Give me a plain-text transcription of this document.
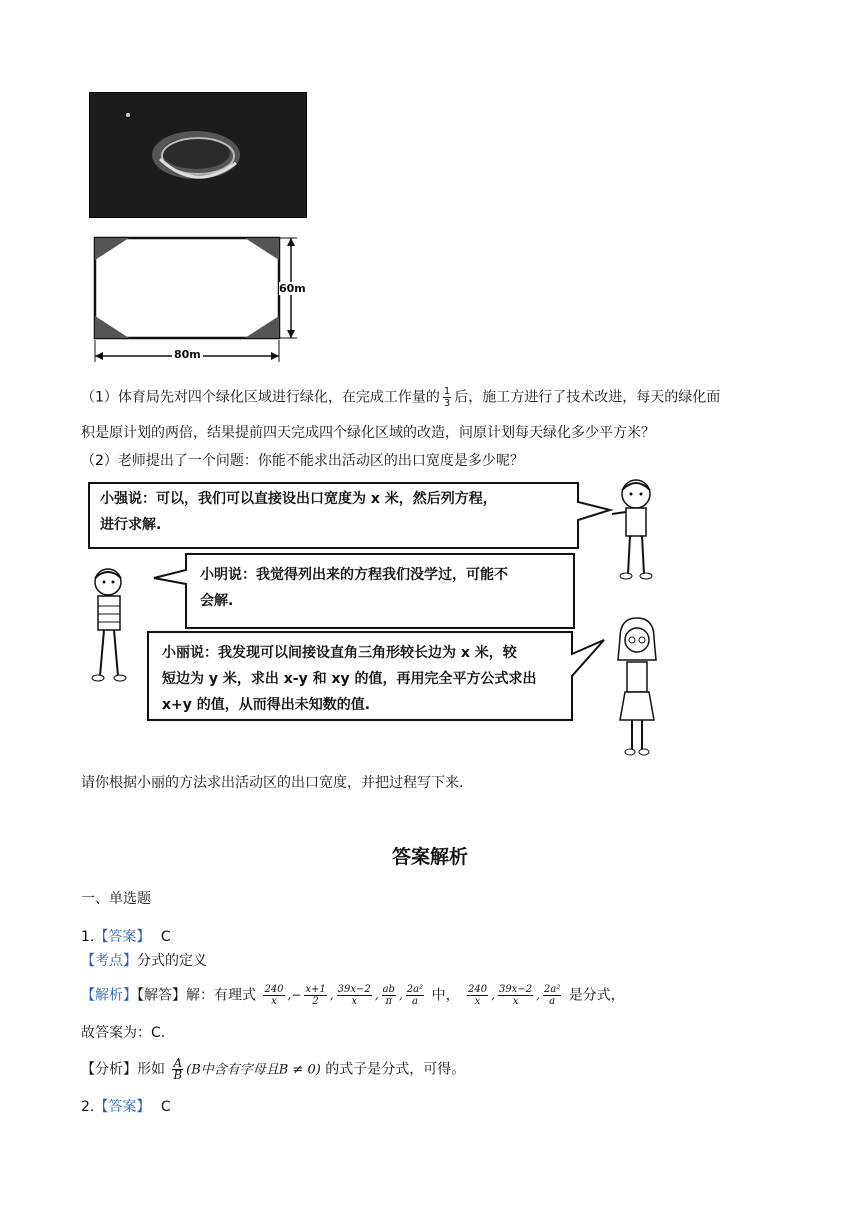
60m
80m
（1）体育局先对四个绿化区域进行绿化，在完成工作量的 $\frac{1}{3}$ 后，施工方进行了技术改进，每天的绿化面
积是原计划的两倍，结果提前四天完成四个绿化区域的改造，问原计划每天绿化多少平方米？
（2）老师提出了一个问题：你能不能求出活动区的出口宽度是多少呢？
小强说：可以，我们可以直接设出口宽度为 x 米，然后列方程，
进行求解.
小明说：我觉得列出来的方程我们没学过，可能不
会解.
小丽说：我发现可以间接设直角三角形较长边为 x 米，较
短边为 y 米，求出 x-y 和 xy 的值，再用完全平方公式求出
x+y 的值，从而得出未知数的值.
请你根据小丽的方法求出活动区的出口宽度，并把过程写下来.
答案解析
一、单选题
1.【答案】 C
【考点】分式的定义
【解析】【解答】解：有理式 $\frac{240}{x}$ ,− $\frac{x+1}{2}$ , $\frac{39x-2}{x}$ , $\frac{ab}{\pi}$ , $\frac{\text{2a²}}{a}$ 中， $\frac{240}{x}$ , $\frac{39x-2}{x}$ , $\frac{\text{2a²}}{a}$ 是分式，
故答案为：C.
【分析】形如 $\frac{A}{B} (B$中含有字母且B ≠ 0) 的式子是分式，可得。
2.【答案】 C
